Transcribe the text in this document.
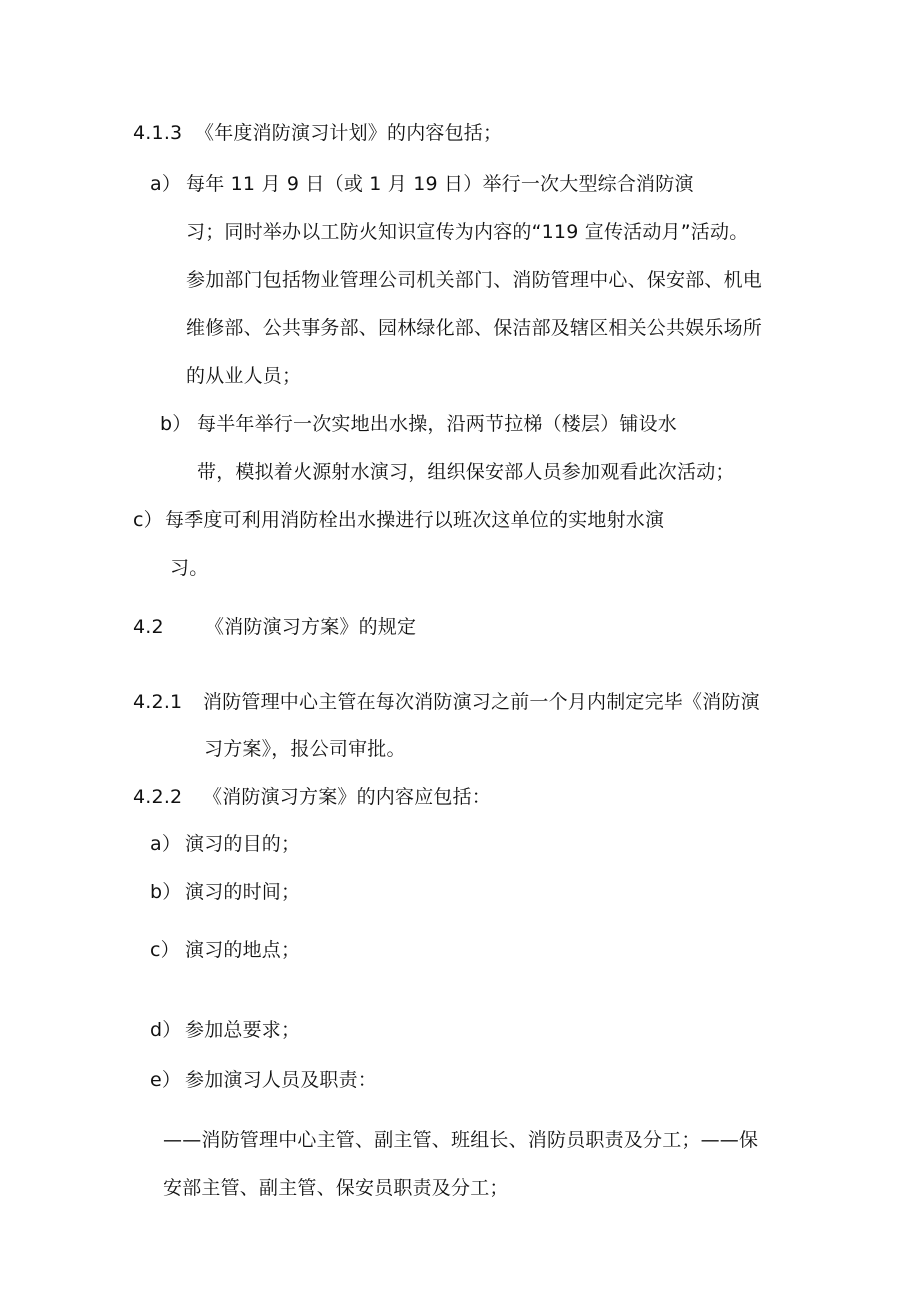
4.1.3 《年度消防演习计划》的内容包括；
a） 每年 11 月 9 日（或 1 月 19 日）举行一次大型综合消防演
习；同时举办以工防火知识宣传为内容的“119 宣传活动月”活动。
参加部门包括物业管理公司机关部门、消防管理中心、保安部、机电
维修部、公共事务部、园林绿化部、保洁部及辖区相关公共娱乐场所
的从业人员；
b） 每半年举行一次实地出水操，沿两节拉梯（楼层）铺设水
带，模拟着火源射水演习，组织保安部人员参加观看此次活动；
c） 每季度可利用消防栓出水操进行以班次这单位的实地射水演
习。
4.2 《消防演习方案》的规定
4.2.1 消防管理中心主管在每次消防演习之前一个月内制定完毕《消防演
习方案》，报公司审批。
4.2.2 《消防演习方案》的内容应包括：
a） 演习的目的；
b） 演习的时间；
c） 演习的地点；
d） 参加总要求；
e） 参加演习人员及职责：
——消防管理中心主管、副主管、班组长、消防员职责及分工；——保
安部主管、副主管、保安员职责及分工；
